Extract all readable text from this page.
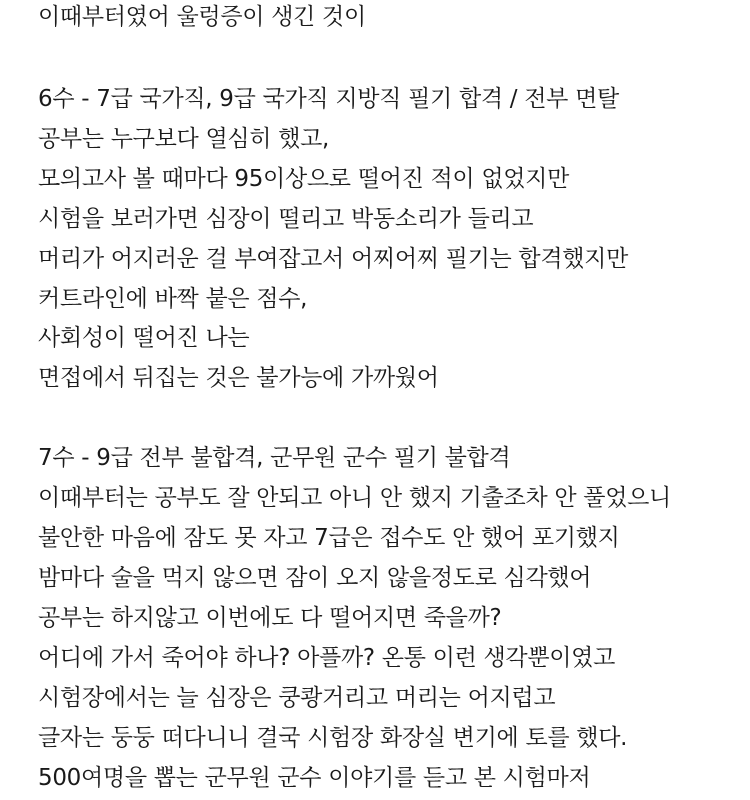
이때부터였어 울렁증이 생긴 것이
6수 - 7급 국가직, 9급 국가직 지방직 필기 합격 / 전부 면탈
공부는 누구보다 열심히 했고,
모의고사 볼 때마다 95이상으로 떨어진 적이 없었지만
시험을 보러가면 심장이 떨리고 박동소리가 들리고
머리가 어지러운 걸 부여잡고서 어찌어찌 필기는 합격했지만
커트라인에 바짝 붙은 점수,
사회성이 떨어진 나는
면접에서 뒤집는 것은 불가능에 가까웠어
7수 - 9급 전부 불합격, 군무원 군수 필기 불합격
이때부터는 공부도 잘 안되고 아니 안 했지 기출조차 안 풀었으니
불안한 마음에 잠도 못 자고 7급은 접수도 안 했어 포기했지
밤마다 술을 먹지 않으면 잠이 오지 않을정도로 심각했어
공부는 하지않고 이번에도 다 떨어지면 죽을까?
어디에 가서 죽어야 하나? 아플까? 온통 이런 생각뿐이였고
시험장에서는 늘 심장은 쿵쾅거리고 머리는 어지럽고
글자는 둥둥 떠다니니 결국 시험장 화장실 변기에 토를 했다.
500여명을 뽑는 군무원 군수 이야기를 듣고 본 시험마저
